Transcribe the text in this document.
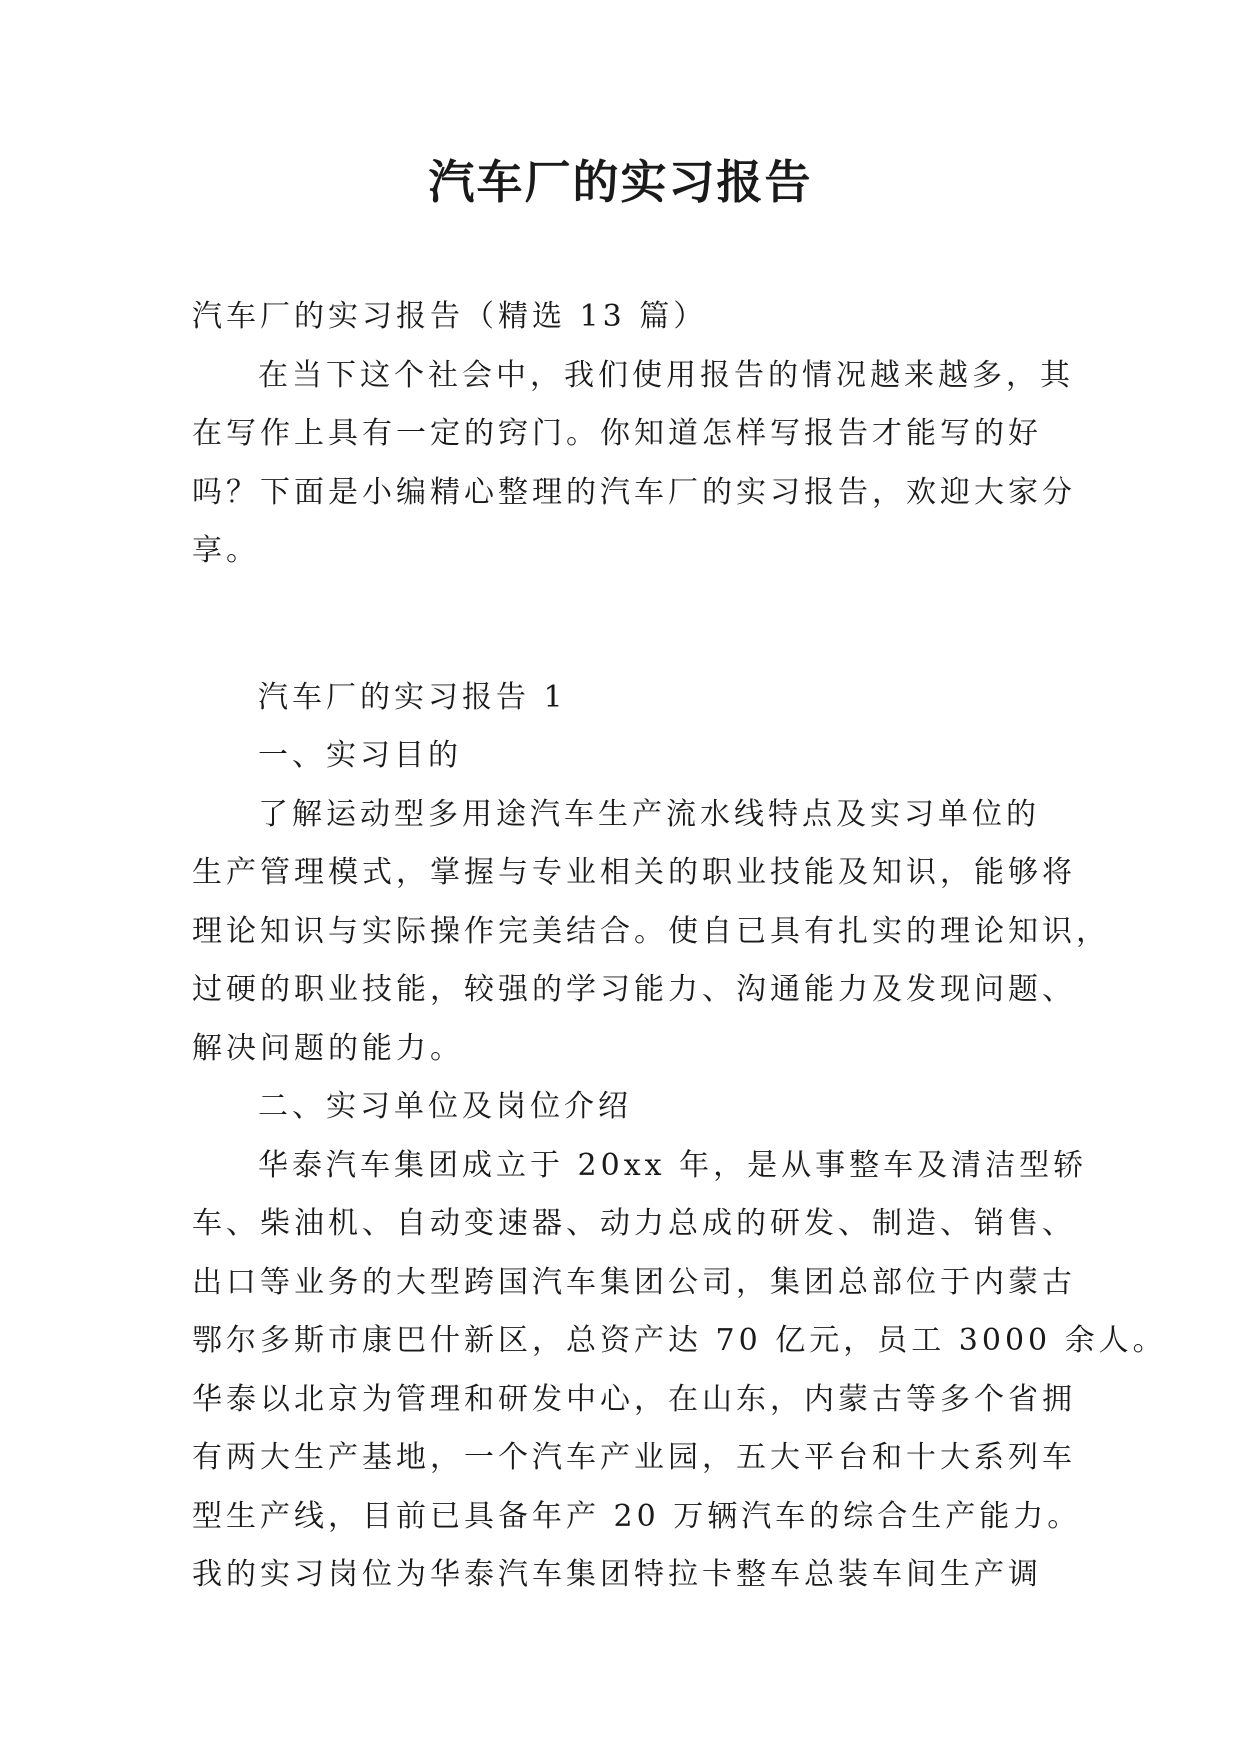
汽车厂的实习报告
汽车厂的实习报告（精选 13 篇）
在当下这个社会中，我们使用报告的情况越来越多，其
在写作上具有一定的窍门。你知道怎样写报告才能写的好
吗？下面是小编精心整理的汽车厂的实习报告，欢迎大家分
享。
汽车厂的实习报告 1
一、实习目的
了解运动型多用途汽车生产流水线特点及实习单位的
生产管理模式，掌握与专业相关的职业技能及知识，能够将
理论知识与实际操作完美结合。使自已具有扎实的理论知识，
过硬的职业技能，较强的学习能力、沟通能力及发现问题、
解决问题的能力。
二、实习单位及岗位介绍
华泰汽车集团成立于 20xx 年，是从事整车及清洁型轿
车、柴油机、自动变速器、动力总成的研发、制造、销售、
出口等业务的大型跨国汽车集团公司，集团总部位于内蒙古
鄂尔多斯市康巴什新区，总资产达 70 亿元，员工 3000 余人。
华泰以北京为管理和研发中心，在山东，内蒙古等多个省拥
有两大生产基地，一个汽车产业园，五大平台和十大系列车
型生产线，目前已具备年产 20 万辆汽车的综合生产能力。
我的实习岗位为华泰汽车集团特拉卡整车总装车间生产调
